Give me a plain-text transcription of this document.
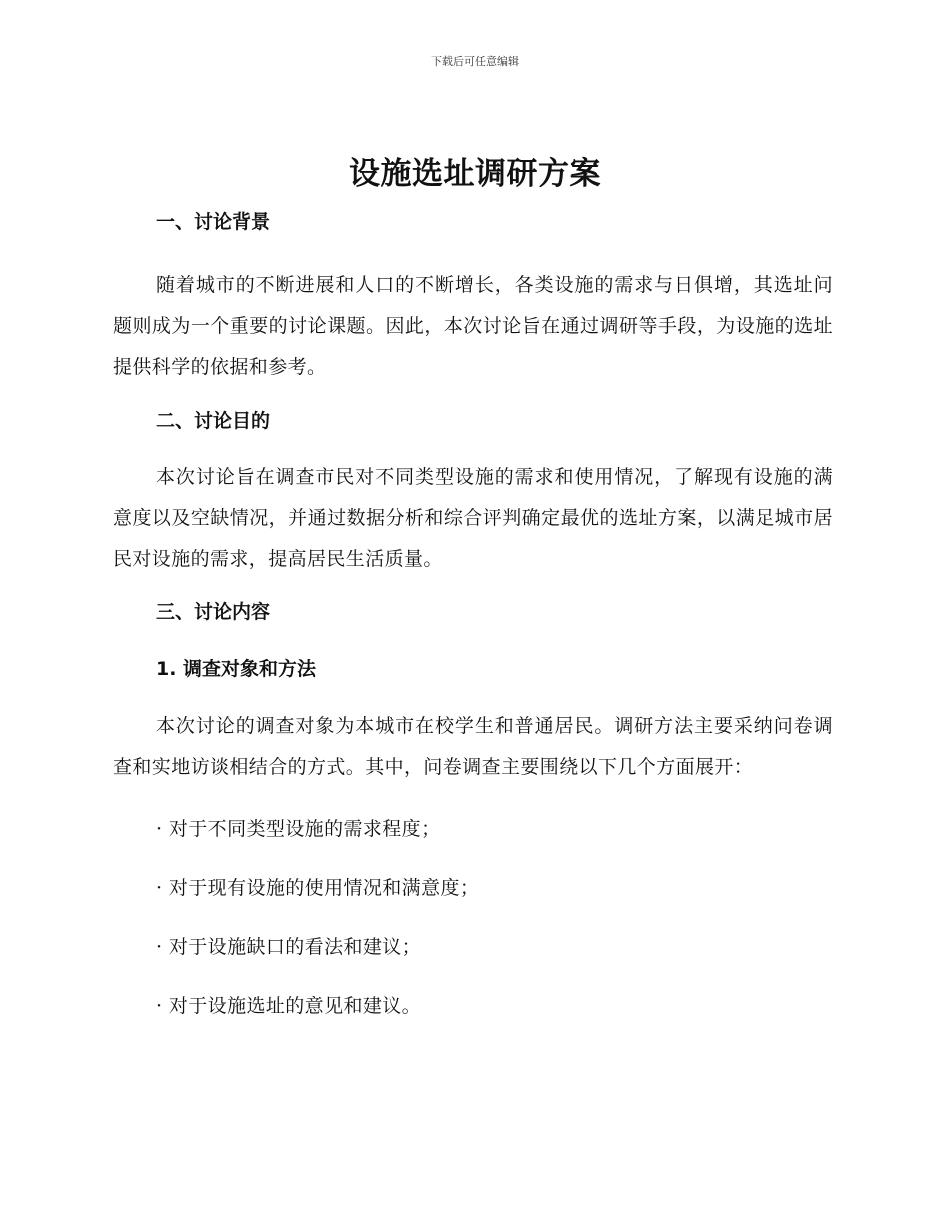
下载后可任意编辑
设施选址调研方案
一、讨论背景

随着城市的不断进展和人口的不断增长，各类设施的需求与日俱增，其选址问题则成为一个重要的讨论课题。因此，本次讨论旨在通过调研等手段，为设施的选址提供科学的依据和参考。

二、讨论目的

本次讨论旨在调查市民对不同类型设施的需求和使用情况，了解现有设施的满意度以及空缺情况，并通过数据分析和综合评判确定最优的选址方案，以满足城市居民对设施的需求，提高居民生活质量。

三、讨论内容
1. 调查对象和方法

本次讨论的调查对象为本城市在校学生和普通居民。调研方法主要采纳问卷调查和实地访谈相结合的方式。其中，问卷调查主要围绕以下几个方面展开：

· 对于不同类型设施的需求程度；
· 对于现有设施的使用情况和满意度；
· 对于设施缺口的看法和建议；
· 对于设施选址的意见和建议。
